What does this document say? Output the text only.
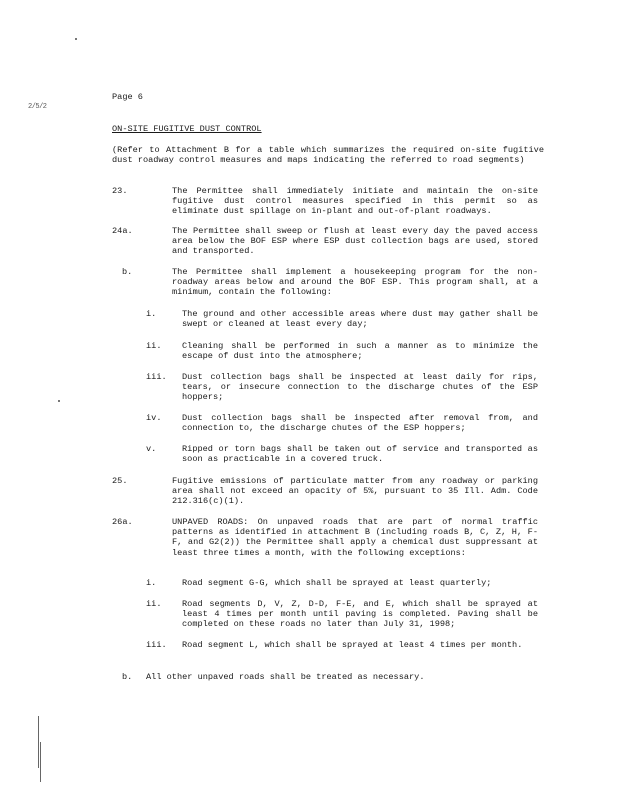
2/5/2
Page 6
ON-SITE FUGITIVE DUST CONTROL
(Refer to Attachment B for a table which summarizes the required on-site fugitive dust roadway control measures and maps indicating the referred to road segments)
23.	The Permittee shall immediately initiate and maintain the on-site fugitive dust control measures specified in this permit so as eliminate dust spillage on in-plant and out-of-plant roadways.
24a.	The Permittee shall sweep or flush at least every day the paved access area below the BOF ESP where ESP dust collection bags are used, stored and transported.
b.	The Permittee shall implement a housekeeping program for the non-roadway areas below and around the BOF ESP. This program shall, at a minimum, contain the following:
i.	The ground and other accessible areas where dust may gather shall be swept or cleaned at least every day;
ii. Cleaning shall be performed in such a manner as to minimize the escape of dust into the atmosphere;
iii. Dust collection bags shall be inspected at least daily for rips, tears, or insecure connection to the discharge chutes of the ESP hoppers;
iv. Dust collection bags shall be inspected after removal from, and connection to, the discharge chutes of the ESP hoppers;
v.	Ripped or torn bags shall be taken out of service and transported as soon as practicable in a covered truck.
25.	Fugitive emissions of particulate matter from any roadway or parking area shall not exceed an opacity of 5%, pursuant to 35 Ill. Adm. Code 212.316(c)(1).
26a.	UNPAVED ROADS: On unpaved roads that are part of normal traffic patterns as identified in attachment B (including roads B, C, Z, H, F-F, and G2(2)) the Permittee shall apply a chemical dust suppressant at least three times a month, with the following exceptions:
i.	Road segment G-G, which shall be sprayed at least quarterly;
ii. Road segments D, V, Z, D-D, F-E, and E, which shall be sprayed at least 4 times per month until paving is completed. Paving shall be completed on these roads no later than July 31, 1998;
iii. Road segment L, which shall be sprayed at least 4 times per month.
b. All other unpaved roads shall be treated as necessary.
